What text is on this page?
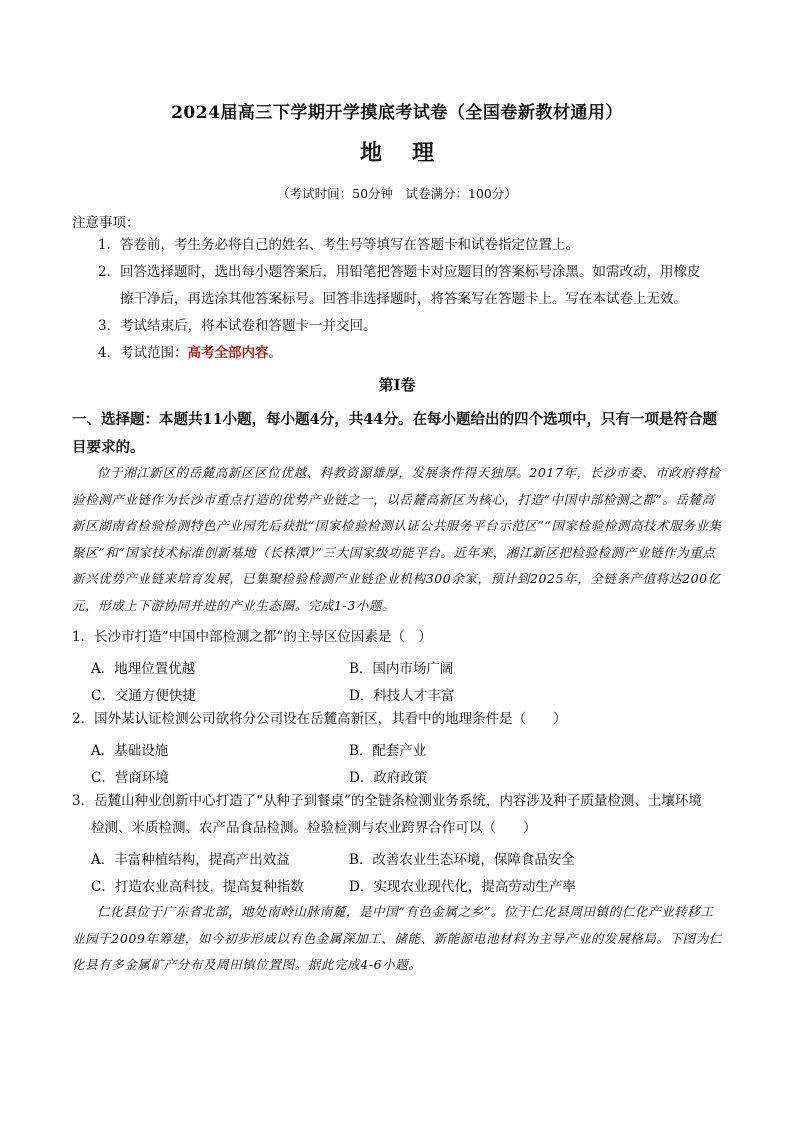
2024届高三下学期开学摸底考试卷（全国卷新教材通用）
地理
（考试时间：50分钟　试卷满分：100分）
注意事项：
1．答卷前，考生务必将自己的姓名、考生号等填写在答题卡和试卷指定位置上。
2．回答选择题时，选出每小题答案后，用铅笔把答题卡对应题目的答案标号涂黑。如需改动，用橡皮
擦干净后，再选涂其他答案标号。回答非选择题时，将答案写在答题卡上。写在本试卷上无效。
3．考试结束后，将本试卷和答题卡一并交回。
4．考试范围：高考全部内容。
第Ⅰ卷
一、选择题：本题共11小题，每小题4分，共44分。在每小题给出的四个选项中，只有一项是符合题目要求的。
位于湘江新区的岳麓高新区区位优越、科教资源雄厚，发展条件得天独厚。2017年，长沙市委、市政府将检验检测产业链作为长沙市重点打造的优势产业链之一，以岳麓高新区为核心，打造“中国中部检测之都”。岳麓高新区湖南省检验检测特色产业园先后获批“国家检验检测认证公共服务平台示范区”“国家检验检测高技术服务业集聚区”和“国家技术标准创新基地（长株潭）”三大国家级功能平台。近年来，湘江新区把检验检测产业链作为重点新兴优势产业链来培育发展，已集聚检验检测产业链企业机构300余家，预计到2025年，全链条产值将达200亿元，形成上下游协同并进的产业生态圈。完成1-3小题。
1．长沙市打造“中国中部检测之都”的主导区位因素是（　）
A．地理位置优越	B．国内市场广阔
C．交通方便快捷	D．科技人才丰富
2．国外某认证检测公司欲将分公司设在岳麓高新区，其看中的地理条件是（　　）
A．基础设施	B．配套产业
C．营商环境	D．政府政策
3．岳麓山种业创新中心打造了“从种子到餐桌”的全链条检测业务系统，内容涉及种子质量检测、土壤环境
检测、米质检测、农产品食品检测。检验检测与农业跨界合作可以（　　）
A．丰富种植结构，提高产出效益	B．改善农业生态环境，保障食品安全
C．打造农业高科技，提高复种指数	D．实现农业现代化，提高劳动生产率
仁化县位于广东省北部，地处南岭山脉南麓，是中国“有色金属之乡”。位于仁化县周田镇的仁化产业转移工业园于2009年筹建，如今初步形成以有色金属深加工、储能、新能源电池材料为主导产业的发展格局。下图为仁化县有多金属矿产分布及周田镇位置图。据此完成4-6小题。
